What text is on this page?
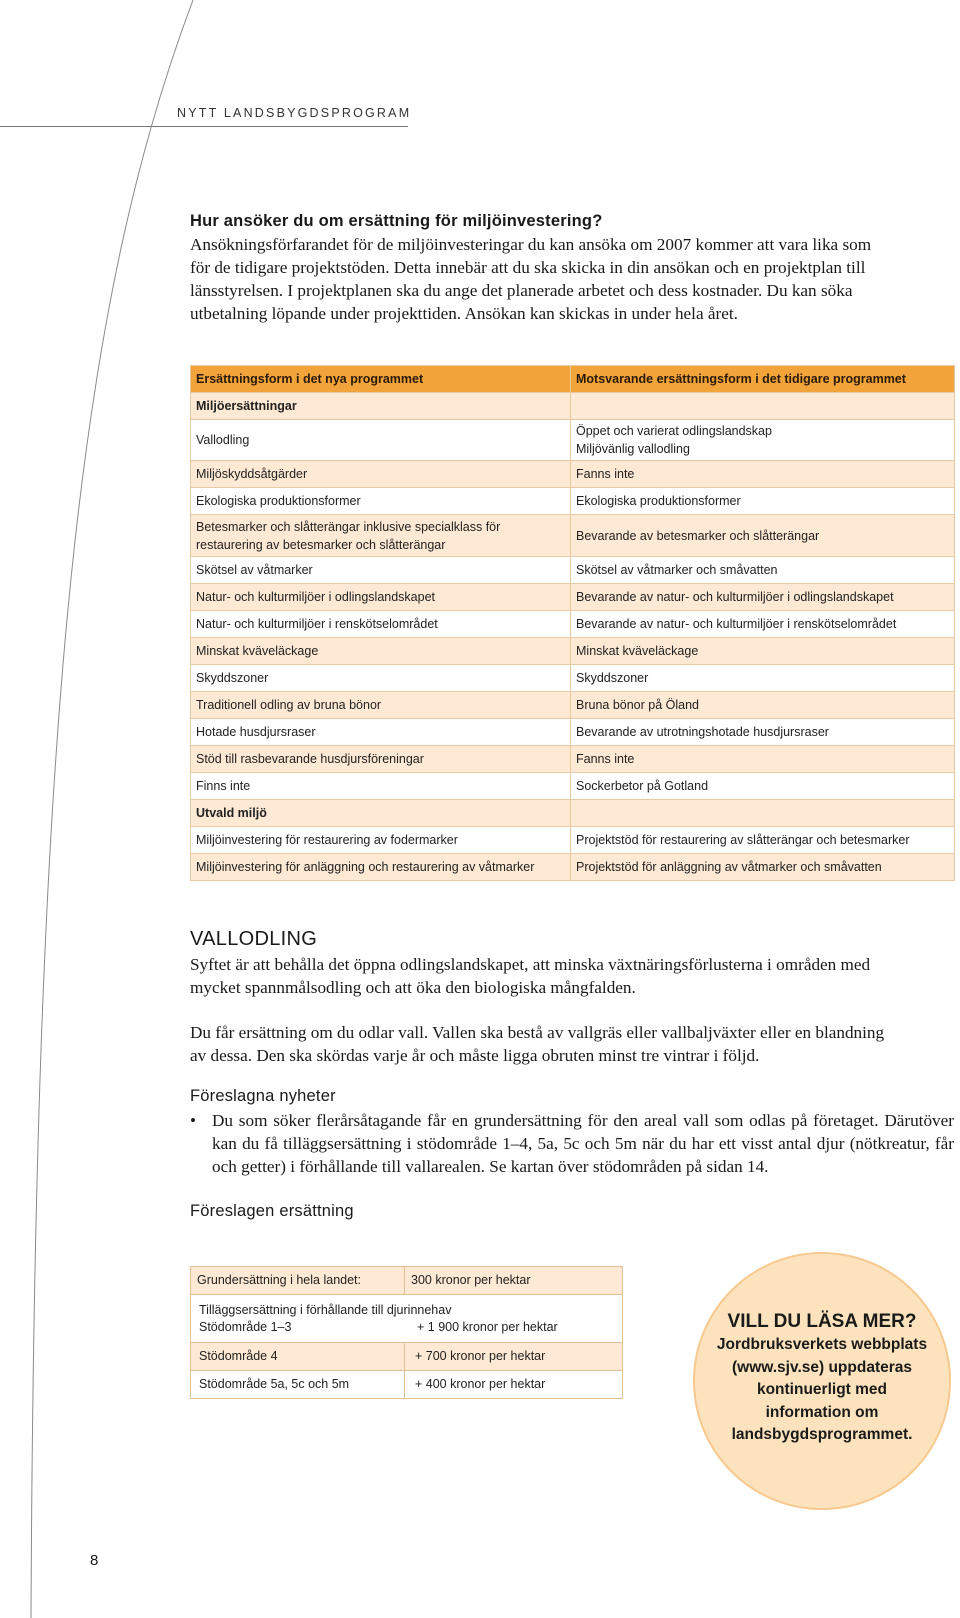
NYTT LANDSBYGDSPROGRAM
Hur ansöker du om ersättning för miljöinvestering?

Ansökningsförfarandet för de miljöinvesteringar du kan ansöka om 2007 kommer att vara lika som

för de tidigare projektstöden. Detta innebär att du ska skicka in din ansökan och en projektplan till

länsstyrelsen. I projektplanen ska du ange det planerade arbetet och dess kostnader. Du kan söka

utbetalning löpande under projekttiden. Ansökan kan skickas in under hela året.

Ersättningsform i det nya programmet	Motsvarande ersättningsform i det tidigare programmet
Miljöersättningar	
Vallodling	Öppet och varierat odlingslandskap
Miljövänlig vallodling

Miljöskyddsåtgärder	Fanns inte
Ekologiska produktionsformer	Ekologiska produktionsformer

Betesmarker och slåtterängar inklusive specialklass för
restaurering av betesmarker och slåtterängar	Bevarande av betesmarker och slåtterängar
Skötsel av våtmarker	Skötsel av våtmarker och småvatten
Natur- och kulturmiljöer i odlingslandskapet	Bevarande av natur- och kulturmiljöer i odlingslandskapet
Natur- och kulturmiljöer i renskötselområdet	Bevarande av natur- och kulturmiljöer i renskötselområdet
Minskat kväveläckage	Minskat kväveläckage
Skyddszoner	Skyddszoner
Traditionell odling av bruna bönor	Bruna bönor på Öland
Hotade husdjursraser	Bevarande av utrotningshotade husdjursraser
Stöd till rasbevarande husdjursföreningar	Fanns inte
Finns inte	Sockerbetor på Gotland
Utvald miljö	
Miljöinvestering för restaurering av fodermarker	Projektstöd för restaurering av slåtterängar och betesmarker
Miljöinvestering för anläggning och restaurering av våtmarker	Projektstöd för anläggning av våtmarker och småvatten
VALLODLING

Syftet är att behålla det öppna odlingslandskapet, att minska växtnäringsförlusterna i områden med

mycket spannmålsodling och att öka den biologiska mångfalden.

Du får ersättning om du odlar vall. Vallen ska bestå av vallgräs eller vallbaljväxter eller en blandning

av dessa. Den ska skördas varje år och måste ligga obruten minst tre vintrar i följd.

Föreslagna nyheter
• Du som söker flerårsåtagande får en grundersättning för den areal vall som odlas på företaget. Därutöver kan du få tilläggsersättning i stödområde 1–4, 5a, 5c och 5m när du har ett visst antal djur (nötkreatur, får och getter) i förhållande till vallarealen. Se kartan över stödområden på sidan 14.

Föreslagen ersättning
Grundersättning i hela landet:	300 kronor per hektar

Tilläggsersättning i förhållande till djurinnehav
Stödområde 1–3 + 1 900 kronor per hektar	

Stödområde 4	+ 700 kronor per hektar
Stödområde 5a, 5c och 5m	+ 400 kronor per hektar
VILL DU LÄSA MER?
Jordbruksverkets webbplats
(www.sjv.se) uppdateras
kontinuerligt med
information om
landsbygdsprogrammet.
8
